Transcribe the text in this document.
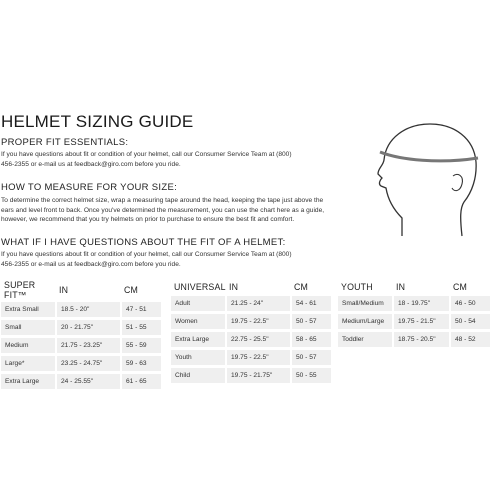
HELMET SIZING GUIDE
PROPER FIT ESSENTIALS:
If you have questions about fit or condition of your helmet, call our Consumer Service Team at (800) 456-2355 or e-mail us at feedback@giro.com before you ride.
HOW TO MEASURE FOR YOUR SIZE:
To determine the correct helmet size, wrap a measuring tape around the head, keeping the tape just above the ears and level front to back. Once you've determined the measurement, you can use the chart here as a guide, however, we recommend that you try helmets on prior to purchase to ensure the best fit and comfort.
WHAT IF I HAVE QUESTIONS ABOUT THE FIT OF A HELMET:
If you have questions about fit or condition of your helmet, call our Consumer Service Team at (800) 456-2355 or e-mail us at feedback@giro.com before you ride.
SUPER FIT™	IN	CM
Extra Small	18.5 - 20"	47 - 51
Small	20 - 21.75"	51 - 55
Medium	21.75 - 23.25"	55 - 59
Large*	23.25 - 24.75"	59 - 63
Extra Large	24 - 25.55"	61 - 65
UNIVERSAL	IN	CM
Adult	21.25 - 24"	54 - 61
Women	19.75 - 22.5"	50 - 57
Extra Large	22.75 - 25.5"	58 - 65
Youth	19.75 - 22.5"	50 - 57
Child	19.75 - 21.75"	50 - 55
YOUTH	IN	CM
Small/Medium	18 - 19.75"	46 - 50
Medium/Large	19.75 - 21.5"	50 - 54
Toddler	18.75 - 20.5"	48 - 52
